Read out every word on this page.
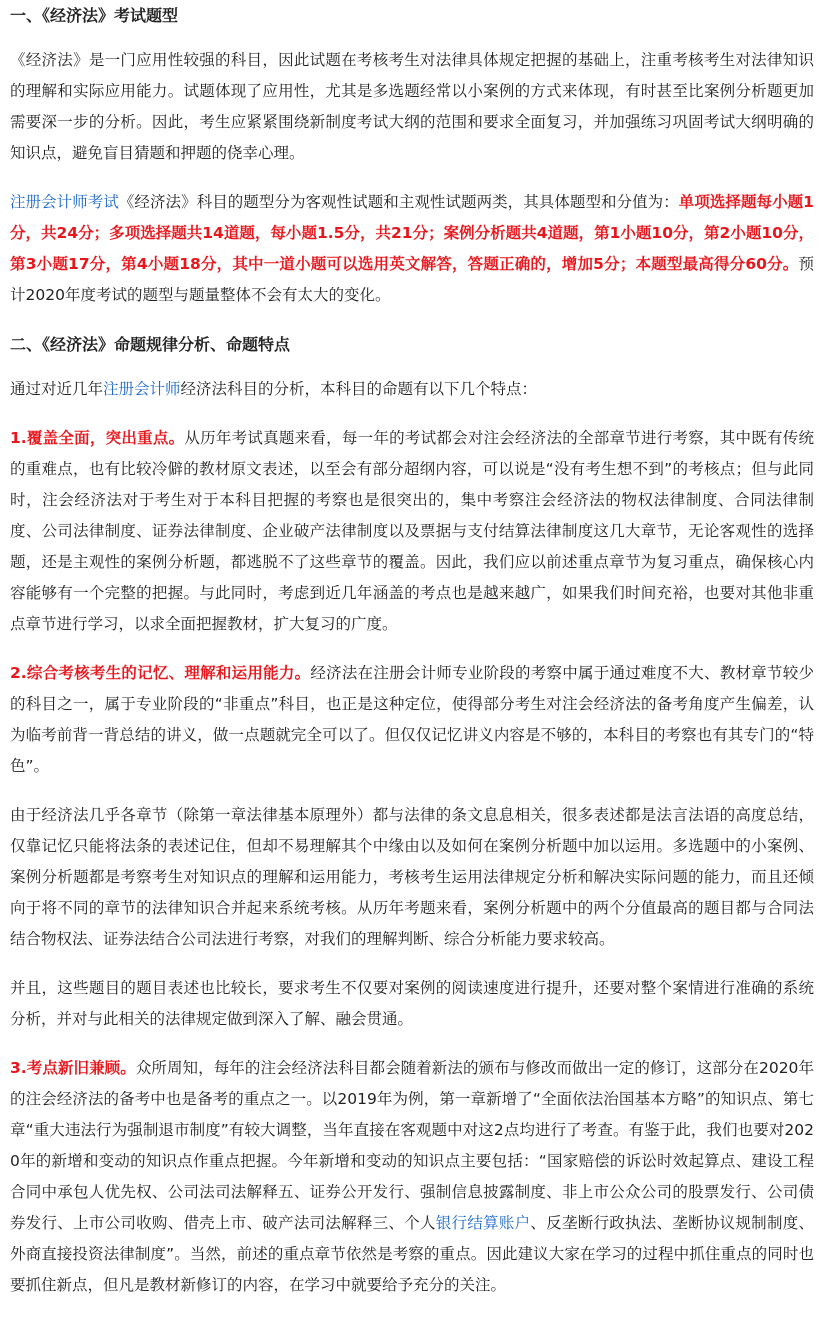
一、《经济法》考试题型

《经济法》是一门应用性较强的科目，因此试题在考核考生对法律具体规定把握的基础上，注重考核考生对法律知识的理解和实际应用能力。试题体现了应用性，尤其是多选题经常以小案例的方式来体现，有时甚至比案例分析题更加需要深一步的分析。因此，考生应紧紧围绕新制度考试大纲的范围和要求全面复习，并加强练习巩固考试大纲明确的知识点，避免盲目猜题和押题的侥幸心理。

注册会计师考试《经济法》科目的题型分为客观性试题和主观性试题两类，其具体题型和分值为：单项选择题每小题1分，共24分；多项选择题共14道题，每小题1.5分，共21分；案例分析题共4道题，第1小题10分，第2小题10分，第3小题17分，第4小题18分，其中一道小题可以选用英文解答，答题正确的，增加5分；本题型最高得分60分。预计2020年度考试的题型与题量整体不会有太大的变化。

二、《经济法》命题规律分析、命题特点

通过对近几年注册会计师经济法科目的分析，本科目的命题有以下几个特点：

1.覆盖全面，突出重点。从历年考试真题来看，每一年的考试都会对注会经济法的全部章节进行考察，其中既有传统的重难点，也有比较冷僻的教材原文表述，以至会有部分超纲内容，可以说是“没有考生想不到”的考核点；但与此同时，注会经济法对于考生对于本科目把握的考察也是很突出的，集中考察注会经济法的物权法律制度、合同法律制度、公司法律制度、证券法律制度、企业破产法律制度以及票据与支付结算法律制度这几大章节，无论客观性的选择题，还是主观性的案例分析题，都逃脱不了这些章节的覆盖。因此，我们应以前述重点章节为复习重点，确保核心内容能够有一个完整的把握。与此同时，考虑到近几年涵盖的考点也是越来越广，如果我们时间充裕，也要对其他非重点章节进行学习，以求全面把握教材，扩大复习的广度。

2.综合考核考生的记忆、理解和运用能力。经济法在注册会计师专业阶段的考察中属于通过难度不大、教材章节较少的科目之一，属于专业阶段的“非重点”科目，也正是这种定位，使得部分考生对注会经济法的备考角度产生偏差，认为临考前背一背总结的讲义，做一点题就完全可以了。但仅仅记忆讲义内容是不够的，本科目的考察也有其专门的“特色”。

由于经济法几乎各章节（除第一章法律基本原理外）都与法律的条文息息相关，很多表述都是法言法语的高度总结，仅靠记忆只能将法条的表述记住，但却不易理解其个中缘由以及如何在案例分析题中加以运用。多选题中的小案例、案例分析题都是考察考生对知识点的理解和运用能力，考核考生运用法律规定分析和解决实际问题的能力，而且还倾向于将不同的章节的法律知识合并起来系统考核。从历年考题来看，案例分析题中的两个分值最高的题目都与合同法结合物权法、证券法结合公司法进行考察，对我们的理解判断、综合分析能力要求较高。

并且，这些题目的题目表述也比较长，要求考生不仅要对案例的阅读速度进行提升，还要对整个案情进行准确的系统分析，并对与此相关的法律规定做到深入了解、融会贯通。

3.考点新旧兼顾。众所周知，每年的注会经济法科目都会随着新法的颁布与修改而做出一定的修订，这部分在2020年的注会经济法的备考中也是备考的重点之一。以2019年为例，第一章新增了“全面依法治国基本方略”的知识点、第七章“重大违法行为强制退市制度”有较大调整，当年直接在客观题中对这2点均进行了考查。有鉴于此，我们也要对2020年的新增和变动的知识点作重点把握。今年新增和变动的知识点主要包括：“国家赔偿的诉讼时效起算点、建设工程合同中承包人优先权、公司法司法解释五、证券公开发行、强制信息披露制度、非上市公众公司的股票发行、公司债券发行、上市公司收购、借壳上市、破产法司法解释三、个人银行结算账户、反垄断行政执法、垄断协议规制制度、外商直接投资法律制度”。当然，前述的重点章节依然是考察的重点。因此建议大家在学习的过程中抓住重点的同时也要抓住新点，但凡是教材新修订的内容，在学习中就要给予充分的关注。
